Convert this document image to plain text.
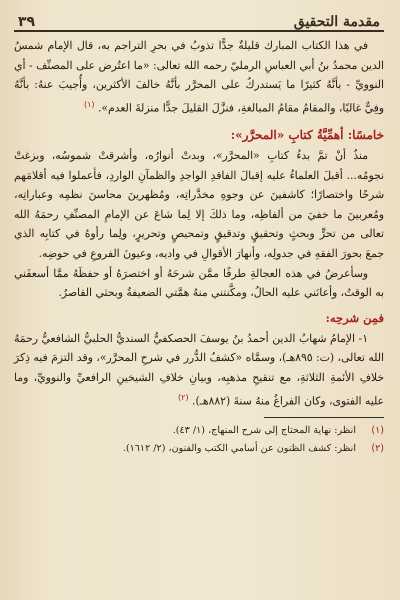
مقدمة التحقيق
٣٩

في هذا الكتاب المبارك قليلةٌ جدًّا تذوبُ في بحرِ التراجم به، قال الإمام شمسُ الدين محمدُ بنُ أبي العباسِ الرمليّ رحمه الله تعالى: «ما اعتُرض على المصنِّف - أي النوويِّ - بأنَّهُ كثيرًا ما يَستدركُ على المحرَّر بأنَّهُ خالفَ الأكثرين، وأُجيبَ عنهُ: بأنَّهُ وفِيٌّ غالبًا، والمقامُ مقامُ المبالغةِ، فنزَّلَ القليلَ جدًّا منزلةَ العدم». $^{(١)}$

خامسًا: أهمِّيَّةُ كتابِ «المحرَّر»:

منذُ أنْ تمَّ بدءُ كتابِ «المحرَّر»، وبدتْ أنوارُه، وأشرقتْ شموسُه، وبزغتْ نجومُه... أقبلَ العلماءُ عليه إقبالَ الفاقدِ الواجدِ والظمآنِ الواردِ، فأعملوا فيه أقلامَهم شرحًا واختصارًا؛ كاشفينَ عن وجوهِ مخدَّراتِه، ومُظهرينَ محاسنَ نظمِه وعباراتِه، ومُعربينَ ما خفيَ من ألفاظِه، وما ذلكَ إلا لِما شاعَ عن الإمامِ المصنِّفِ رحمَهُ الله تعالى من تحرٍّ وبحثٍ وتحقيقٍ وتدقيقٍ وتمحيصٍ وتحريرٍ، ولِما رأوهُ في كتابِه الذي جمعَ بحورَ الفقهِ في جدولِه، وأنهارَ الأقوالِ في واديه، وعيونَ الفروعِ في حوضِه.

وسأعرضُ في هذه العجالةِ طرفًا ممَّن شرحَهُ أو اختصرَهُ أو حفظَهُ ممَّا أسعفَني به الوقتُ، وأعانَني عليه الحالُ، ومكَّنتني منهُ همَّتي الضعيفةُ وبحثي القاصرُ.

فمِن شرحِه:

١- الإمامُ شهابُ الدين أحمدُ بنُ يوسفَ الحصكفيُّ السنديُّ الحلبيُّ الشافعيُّ رحمَهُ الله تعالى، (ت: ٨٩٥هـ)، وسمَّاه «كشفُ الدُّرر في شرحِ المحرَّر»، وقد التزمَ فيه ذِكرَ خلافِ الأئمةِ الثلاثةِ، مع تنقيحِ مذهبِه، وبيانِ خلافِ الشيخينِ الرافعيِّ والنوويِّ، وما عليه الفتوى، وكان الفراغُ منهُ سنةَ (٨٨٢هـ). $^{(٢)}$

(١)
انظر: نهاية المحتاج إلى شرح المنهاج، (١/ ٤٣).
(٢)
انظر: كشف الظنون عن أسامي الكتب والفنون، (٢/ ١٦١٢).
